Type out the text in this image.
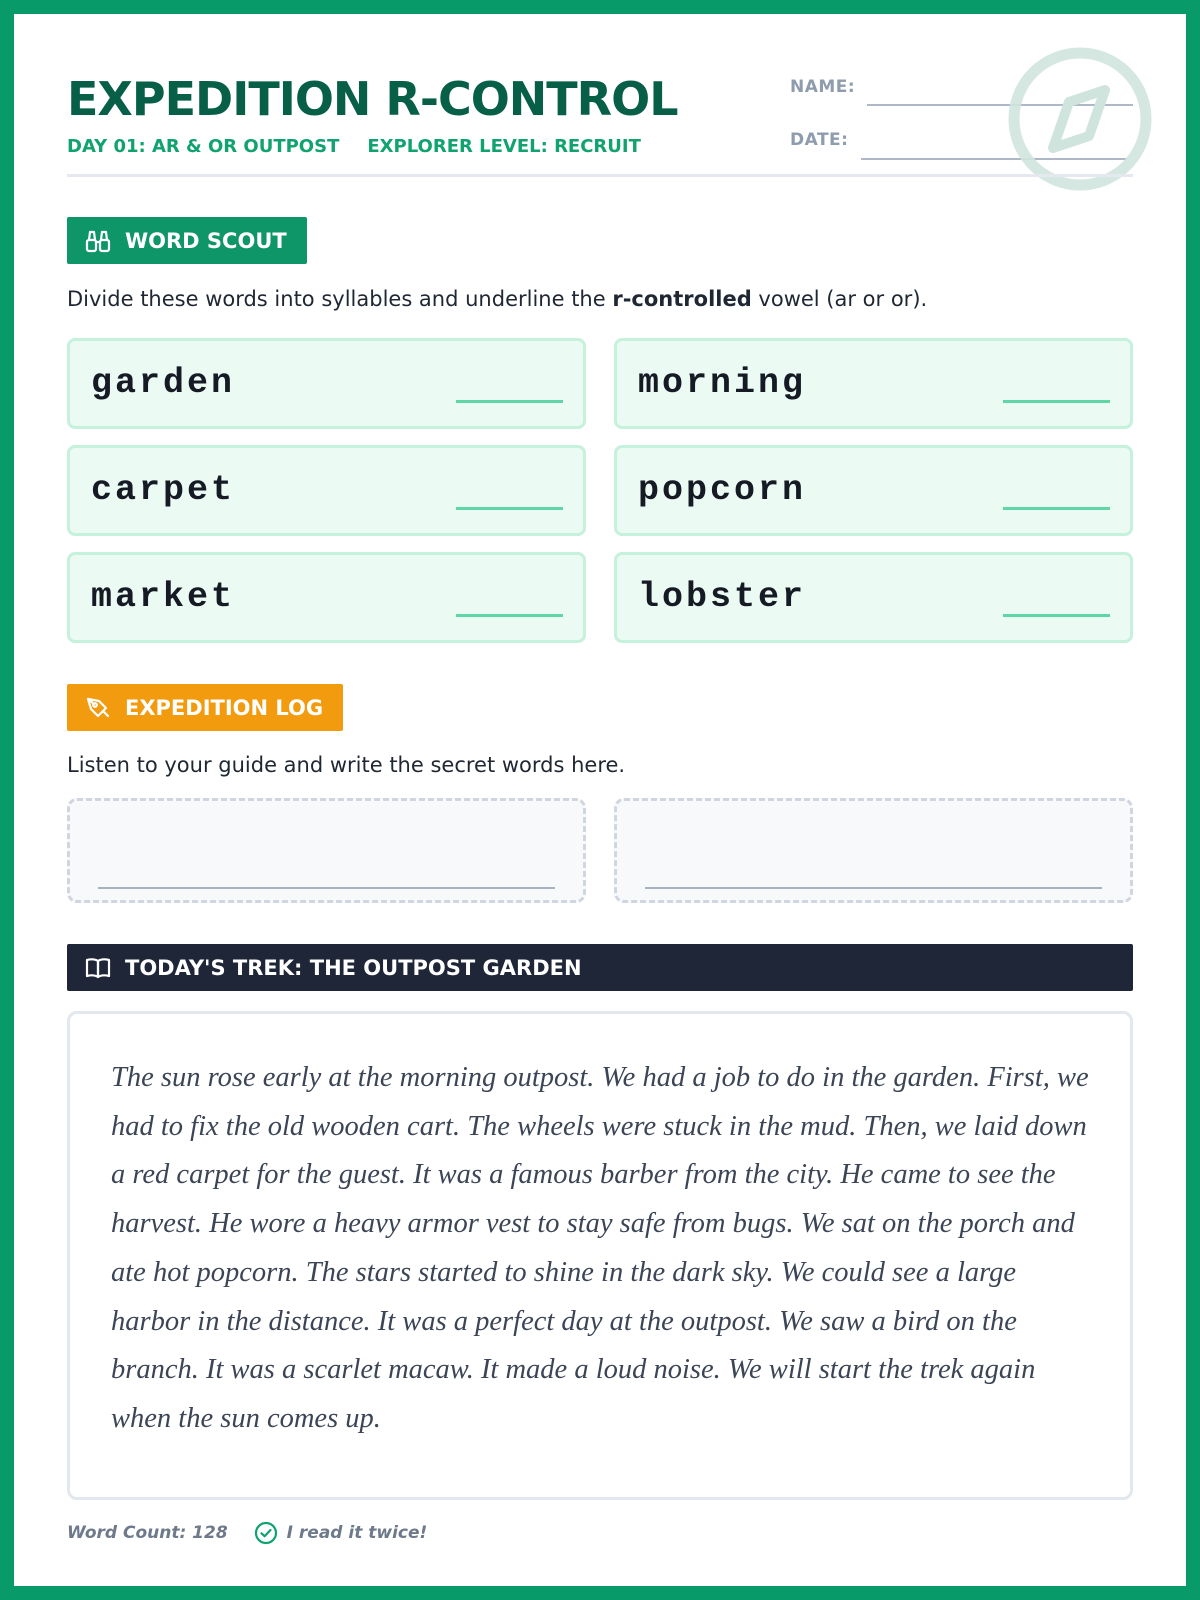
EXPEDITION R-CONTROL
DAY 01: AR & OR OUTPOST EXPLORER LEVEL: RECRUIT
NAME:
DATE:
WORD SCOUT
Divide these words into syllables and underline the r-controlled vowel (ar or or).
garden	morning
carpet	popcorn
market	lobster
EXPEDITION LOG
Listen to your guide and write the secret words here.
TODAY'S TREK: THE OUTPOST GARDEN
The sun rose early at the morning outpost. We had a job to do in the garden. First, we had to fix the old wooden cart. The wheels were stuck in the mud. Then, we laid down a red carpet for the guest. It was a famous barber from the city. He came to see the harvest. He wore a heavy armor vest to stay safe from bugs. We sat on the porch and ate hot popcorn. The stars started to shine in the dark sky. We could see a large harbor in the distance. It was a perfect day at the outpost. We saw a bird on the branch. It was a scarlet macaw. It made a loud noise. We will start the trek again when the sun comes up.
Word Count: 128	I read it twice!
